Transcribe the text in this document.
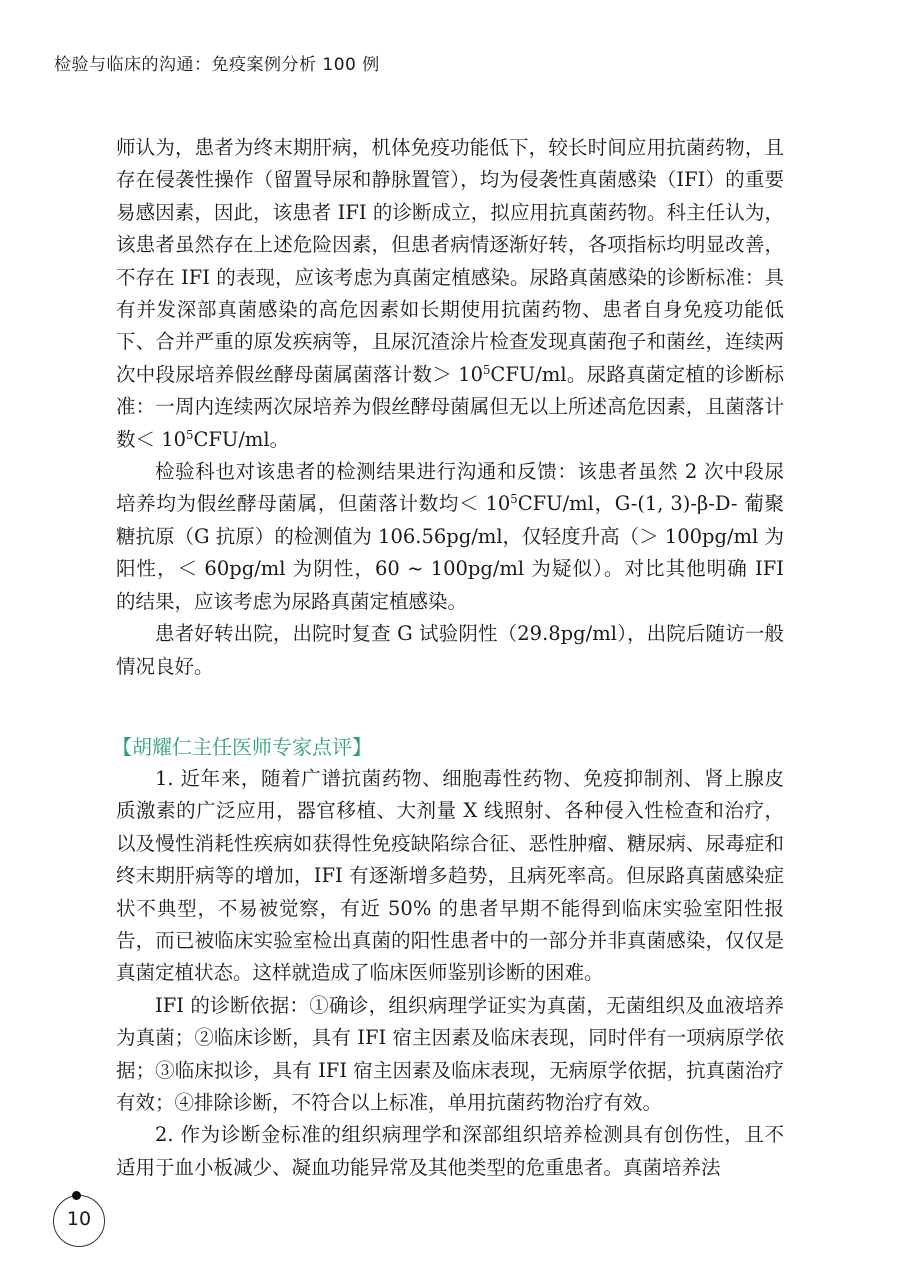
检验与临床的沟通：免疫案例分析 100 例

师认为，患者为终末期肝病，机体免疫功能低下，较长时间应用抗菌药物，且存在侵袭性操作（留置导尿和静脉置管），均为侵袭性真菌感染（IFI）的重要易感因素，因此，该患者 IFI 的诊断成立，拟应用抗真菌药物。科主任认为，该患者虽然存在上述危险因素，但患者病情逐渐好转，各项指标均明显改善，不存在 IFI 的表现，应该考虑为真菌定植感染。尿路真菌感染的诊断标准：具有并发深部真菌感染的高危因素如长期使用抗菌药物、患者自身免疫功能低下、合并严重的原发疾病等，且尿沉渣涂片检查发现真菌孢子和菌丝，连续两次中段尿培养假丝酵母菌属菌落计数＞ $10^5CFU/ml$。尿路真菌定植的诊断标准：一周内连续两次尿培养为假丝酵母菌属但无以上所述高危因素，且菌落计数＜ $10^5CFU/ml$。

检验科也对该患者的检测结果进行沟通和反馈：该患者虽然 2 次中段尿培养均为假丝酵母菌属，但菌落计数均＜ $10^5CFU/ml$，G-(1, 3)-β-D- 葡聚糖抗原（G 抗原）的检测值为 106.56pg/ml，仅轻度升高（＞ 100pg/ml 为阳性，＜ 60pg/ml 为阴性，60 ~ 100pg/ml 为疑似）。对比其他明确 IFI 的结果，应该考虑为尿路真菌定植感染。

患者好转出院，出院时复查 G 试验阴性（29.8pg/ml），出院后随访一般情况良好。

【胡耀仁主任医师专家点评】

1. 近年来，随着广谱抗菌药物、细胞毒性药物、免疫抑制剂、肾上腺皮质激素的广泛应用，器官移植、大剂量 X 线照射、各种侵入性检查和治疗，以及慢性消耗性疾病如获得性免疫缺陷综合征、恶性肿瘤、糖尿病、尿毒症和终末期肝病等的增加，IFI 有逐渐增多趋势，且病死率高。但尿路真菌感染症状不典型，不易被觉察，有近 50% 的患者早期不能得到临床实验室阳性报告，而已被临床实验室检出真菌的阳性患者中的一部分并非真菌感染，仅仅是真菌定植状态。这样就造成了临床医师鉴别诊断的困难。

IFI 的诊断依据：①确诊，组织病理学证实为真菌，无菌组织及血液培养为真菌；②临床诊断，具有 IFI 宿主因素及临床表现，同时伴有一项病原学依据；③临床拟诊，具有 IFI 宿主因素及临床表现，无病原学依据，抗真菌治疗有效；④排除诊断，不符合以上标准，单用抗菌药物治疗有效。

2. 作为诊断金标准的组织病理学和深部组织培养检测具有创伤性，且不适用于血小板减少、凝血功能异常及其他类型的危重患者。真菌培养法

10
